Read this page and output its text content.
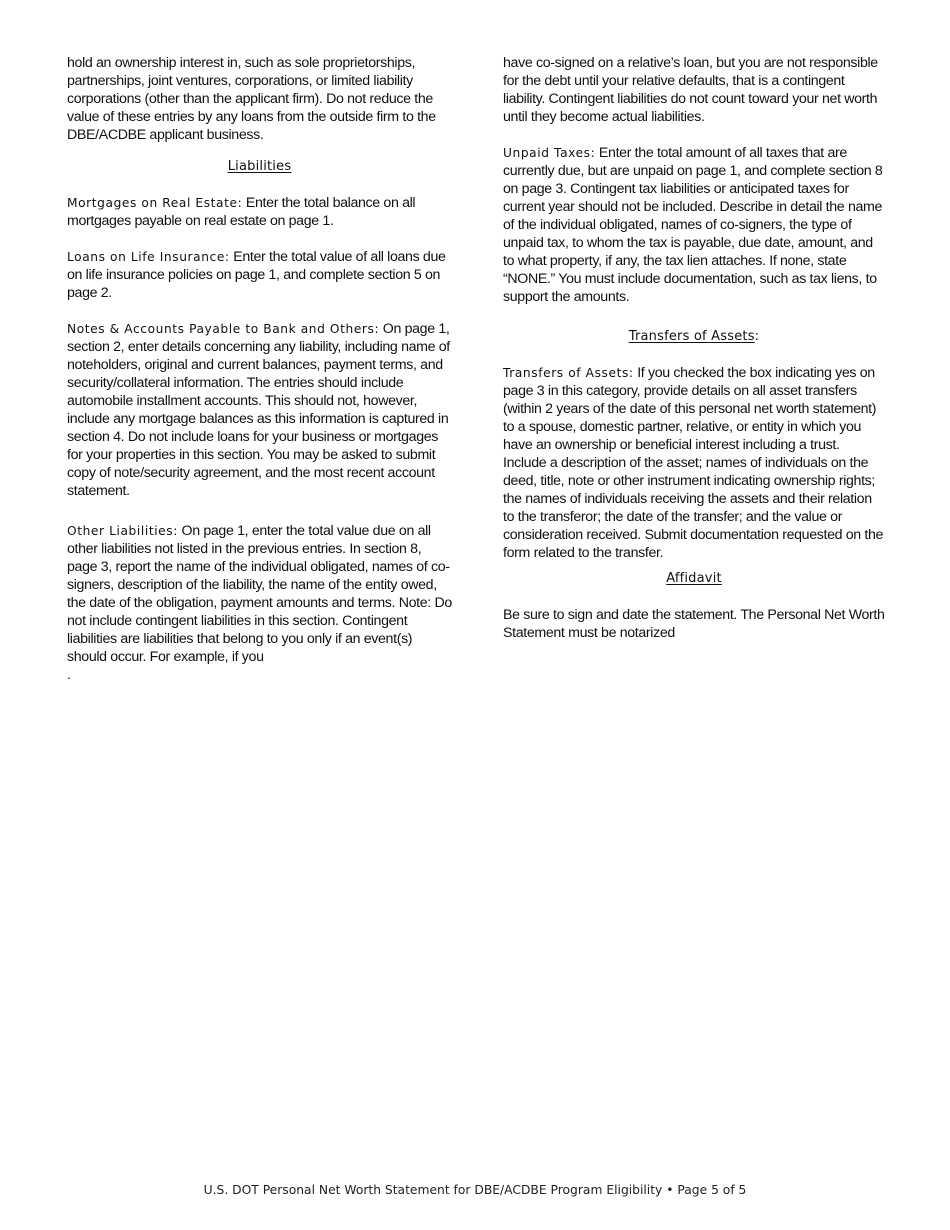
hold an ownership interest in, such as sole proprietorships, partnerships, joint ventures, corporations, or limited liability corporations (other than the applicant firm). Do not reduce the value of these entries by any loans from the outside firm to the DBE/ACDBE applicant business.

Liabilities

Mortgages on Real Estate: Enter the total balance on all mortgages payable on real estate on page 1.

Loans on Life Insurance: Enter the total value of all loans due on life insurance policies on page 1, and complete section 5 on page 2.

Notes & Accounts Payable to Bank and Others: On page 1, section 2, enter details concerning any liability, including name of noteholders, original and current balances, payment terms, and security/collateral information. The entries should include automobile installment accounts. This should not, however, include any mortgage balances as this information is captured in section 4. Do not include loans for your business or mortgages for your properties in this section. You may be asked to submit copy of note/security agreement, and the most recent account statement.

Other Liabilities: On page 1, enter the total value due on all other liabilities not listed in the previous entries. In section 8, page 3, report the name of the individual obligated, names of co-signers, description of the liability, the name of the entity owed, the date of the obligation, payment amounts and terms. Note: Do not include contingent liabilities in this section. Contingent liabilities are liabilities that belong to you only if an event(s) should occur. For example, if you

.

have co-signed on a relative’s loan, but you are not responsible for the debt until your relative defaults, that is a contingent liability. Contingent liabilities do not count toward your net worth until they become actual liabilities.

Unpaid Taxes: Enter the total amount of all taxes that are currently due, but are unpaid on page 1, and complete section 8 on page 3. Contingent tax liabilities or anticipated taxes for current year should not be included. Describe in detail the name of the individual obligated, names of co-signers, the type of unpaid tax, to whom the tax is payable, due date, amount, and to what property, if any, the tax lien attaches. If none, state “NONE.” You must include documentation, such as tax liens, to support the amounts.

Transfers of Assets:

Transfers of Assets: If you checked the box indicating yes on page 3 in this category, provide details on all asset transfers (within 2 years of the date of this personal net worth statement) to a spouse, domestic partner, relative, or entity in which you have an ownership or beneficial interest including a trust. Include a description of the asset; names of individuals on the deed, title, note or other instrument indicating ownership rights; the names of individuals receiving the assets and their relation to the transferor; the date of the transfer; and the value or consideration received. Submit documentation requested on the form related to the transfer.

Affidavit

Be sure to sign and date the statement. The Personal Net Worth Statement must be notarized

U.S. DOT Personal Net Worth Statement for DBE/ACDBE Program Eligibility • Page 5 of 5
